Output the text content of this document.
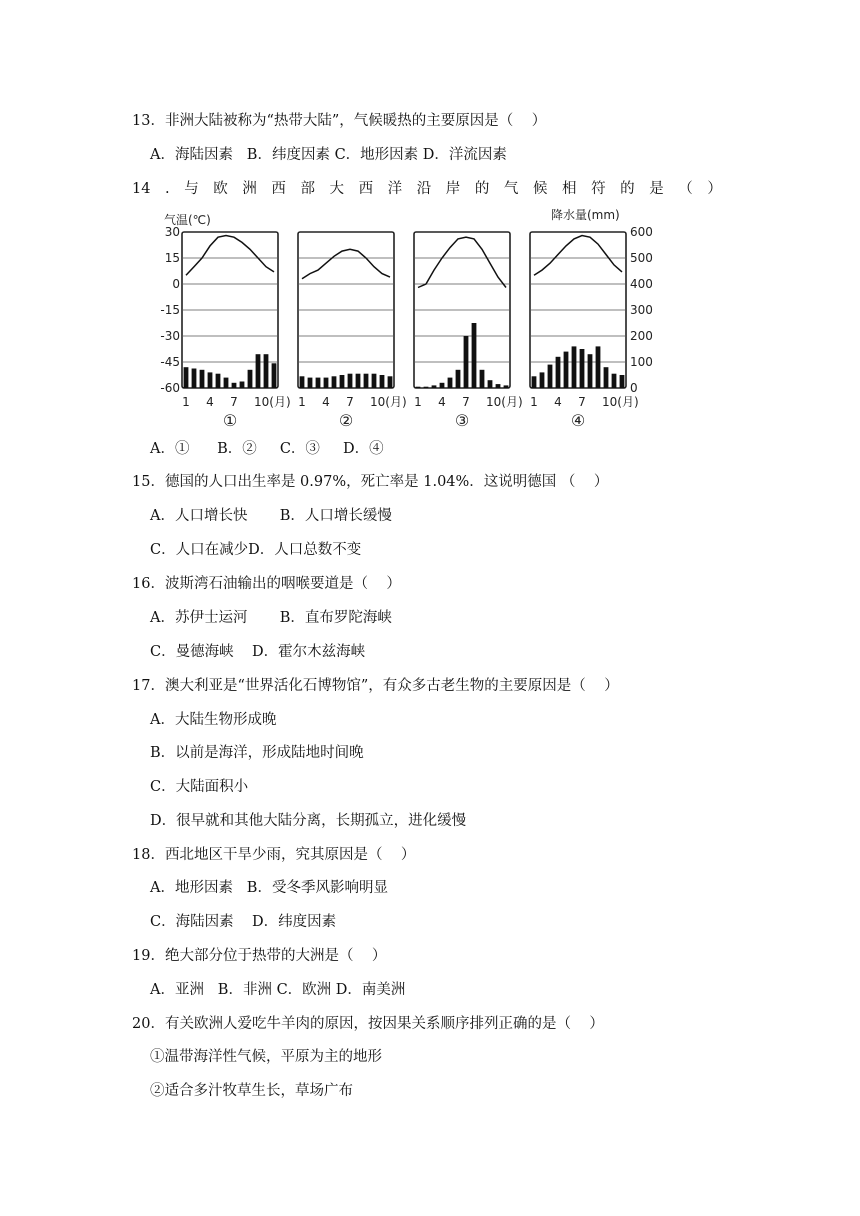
13．非洲大陆被称为“热带大陆”，气候暖热的主要原因是（    ）
A．海陆因素   B．纬度因素 C．地形因素 D．洋流因素
14 . 与 欧 洲 西 部 大 西 洋 沿 岸 的 气 候 相 符 的 是 （ ）
气温(℃)	降水量(mm)
30
15
0
-15
-30
-45
-60
600
500
400
300
200
100
0
1 4 7 10(月)
①
1 4 7 10(月)
②
1 4 7 10(月)
③
1 4 7 10(月)
④
A．①      B．②     C．③     D．④
15．德国的人口出生率是 0.97%，死亡率是 1.04%．这说明德国 （    ）
A．人口增长快       B．人口增长缓慢
C．人口在减少D．人口总数不变
16．波斯湾石油输出的咽喉要道是（    ）
A．苏伊士运河       B．直布罗陀海峡
C．曼德海峡    D．霍尔木兹海峡
17．澳大利亚是“世界活化石博物馆”，有众多古老生物的主要原因是（    ）
A．大陆生物形成晚
B．以前是海洋，形成陆地时间晚
C．大陆面积小
D．很早就和其他大陆分离，长期孤立，进化缓慢
18．西北地区干旱少雨，究其原因是（    ）
A．地形因素   B．受冬季风影响明显
C．海陆因素    D．纬度因素
19．绝大部分位于热带的大洲是（    ）
A．亚洲   B．非洲 C．欧洲 D．南美洲
20．有关欧洲人爱吃牛羊肉的原因，按因果关系顺序排列正确的是（    ）
①温带海洋性气候，平原为主的地形
②适合多汁牧草生长，草场广布
